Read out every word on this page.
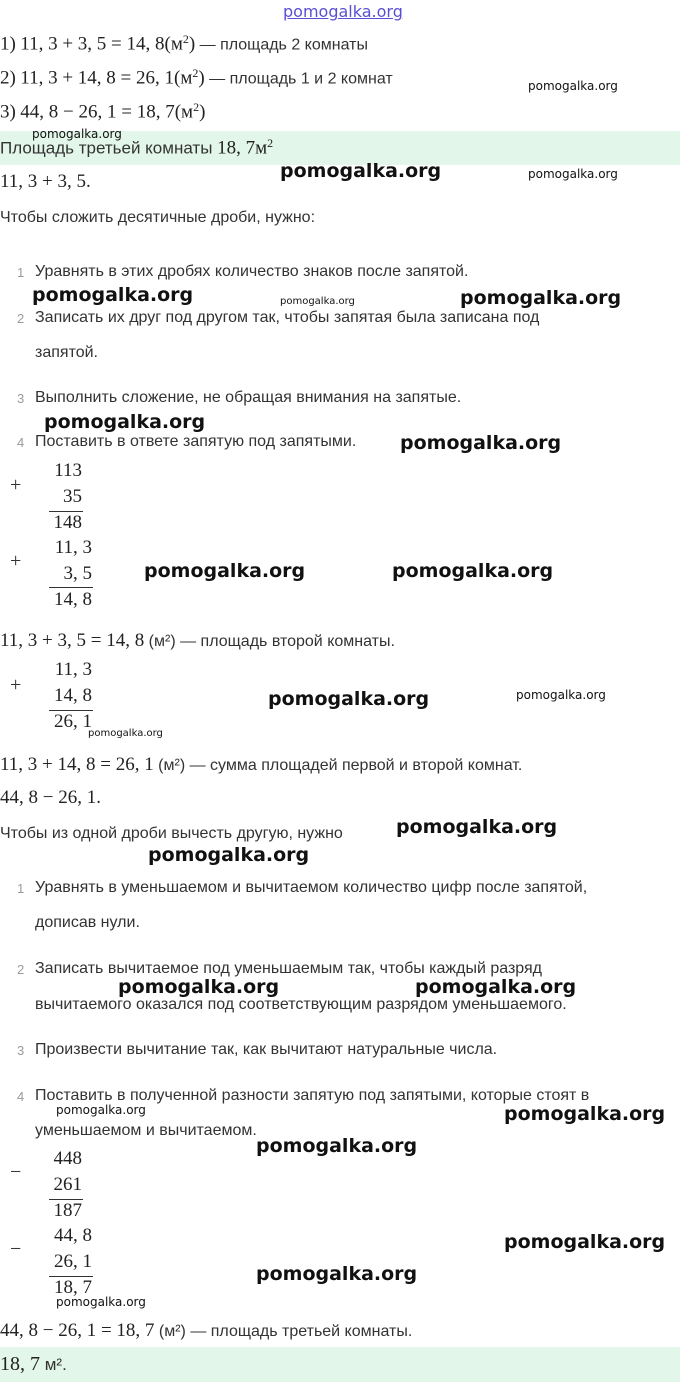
pomogalka.org
1) 11, 3 + 3, 5 = 14, $8(м^2)$ — площадь 2 комнаты
2) 11, 3 + 14, 8 = 26, $1(м^2)$ — площадь 1 и 2 комнат
3) 44, 8 − 26, 1 = 18, $7(м^2)$
Площадь третьей комнаты 18, $7м^2$
11, 3 + 3, 5.
Чтобы сложить десятичные дроби, нужно:
1 Уравнять в этих дробях количество знаков после запятой.
2 Записать их друг под другом так, чтобы запятая была записана под
запятой.
3 Выполнить сложение, не обращая внимания на запятые.
4 Поставить в ответе запятую под запятыми.
+
113
35
148
+
11, 3
3, 5
14, 8
11, 3 + 3, 5 = 14, 8 (м²) — площадь второй комнаты.
+
11, 3
14, 8
26, 1
11, 3 + 14, 8 = 26, 1 (м²) — сумма площадей первой и второй комнат.
44, 8 − 26, 1.
Чтобы из одной дроби вычесть другую, нужно
1 Уравнять в уменьшаемом и вычитаемом количество цифр после запятой,
дописав нули.
2 Записать вычитаемое под уменьшаемым так, чтобы каждый разряд
вычитаемого оказался под соответствующим разрядом уменьшаемого.
3 Произвести вычитание так, как вычитают натуральные числа.
4 Поставить в полученной разности запятую под запятыми, которые стоят в
уменьшаемом и вычитаемом.
−
448
261
187
−
44, 8
26, 1
18, 7
44, 8 − 26, 1 = 18, 7 (м²) — площадь третьей комнаты.
18, 7 м².
pomogalka.org
pomogalka.org
pomogalka.org	pomogalka.org
pomogalka.org	pomogalka.org	pomogalka.org
pomogalka.org
pomogalka.org
pomogalka.org	pomogalka.org
pomogalka.org	pomogalka.org
pomogalka.org
pomogalka.org
pomogalka.org
pomogalka.org	pomogalka.org
pomogalka.org	pomogalka.org
pomogalka.org
pomogalka.org
pomogalka.org
pomogalka.org
